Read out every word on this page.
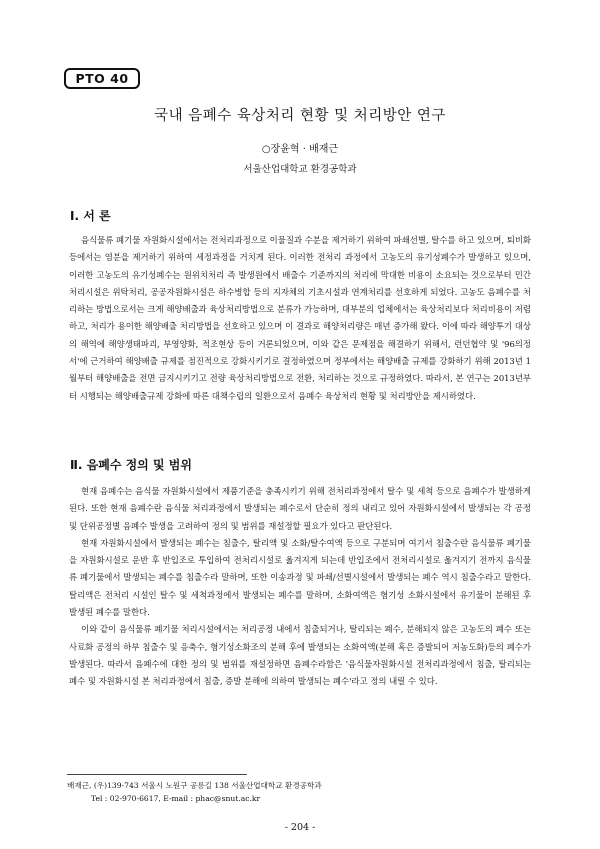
PTO 40
국내 음폐수 육상처리 현황 및 처리방안 연구
○장윤혁 · 배재근
서울산업대학교 환경공학과
Ⅰ. 서 론

음식물류 폐기물 자원화시설에서는 전처리과정으로 이물질과 수분을 제거하기 위하여 파쇄선별, 탈수를 하고 있으며, 퇴비화 등에서는 염분을 제거하기 위하여 세정과정을 거치게 된다. 이러한 전처리 과정에서 고농도의 유기성폐수가 발생하고 있으며, 이러한 고농도의 유기성폐수는 원위치처리 즉 발생원에서 배출수 기준까지의 처리에 막대한 비용이 소요되는 것으로부터 민간처리시설은 위탁처리, 공공자원화시설은 하수병합 등의 지자체의 기초시설과 연계처리를 선호하게 되었다. 고농도 음폐수를 처리하는 방법으로서는 크게 해양배출과 육상처리방법으로 분류가 가능하며, 대부분의 업체에서는 육상처리보다 처리비용이 저렴하고, 처리가 용이한 해양배출 처리방법을 선호하고 있으며 이 결과로 해양처리량은 매년 증가해 왔다. 이에 따라 해양투기 대상의 해역에 해양생태파괴, 부영양화, 적조현상 등이 거론되었으며, 이와 같은 문제점을 해결하기 위해서, 런던협약 및 '96의정서'에 근거하여 해양배출 규제를 점진적으로 강화시키기로 결정하였으며 정부에서는 해양배출 규제를 강화하기 위해 2013년 1월부터 해양배출을 전면 금지시키기고 전량 육상처리방법으로 전환, 처리하는 것으로 규정하였다. 따라서, 본 연구는 2013년부터 시행되는 해양배출규제 강화에 따른 대책수립의 일환으로서 음폐수 육상처리 현황 및 처리방안을 제시하였다.

Ⅱ. 음폐수 정의 및 범위

현재 음폐수는 음식물 자원화시설에서 제품기준을 충족시키기 위해 전처리과정에서 탈수 및 세척 등으로 음폐수가 발생하게 된다. 또한 현재 음폐수란 음식물 처리과정에서 발생되는 폐수로서 단순히 정의 내리고 있어 자원화시설에서 발생되는 각 공정 및 단위공정별 음폐수 발생을 고려하여 정의 및 범위를 재설정할 필요가 있다고 판단된다.

현재 자원화시설에서 발생되는 폐수는 침출수, 탈리액 및 소화/탈수여액 등으로 구분되며 여기서 침출수란 음식물류 폐기물을 자원화시설로 운반 후 반입조로 투입하여 전처리시설로 옮겨지게 되는데 반입조에서 전처리시설로 옮겨지기 전까지 음식물류 폐기물에서 발생되는 폐수를 침출수라 말하며, 또한 이송과정 및 파쇄/선별시설에서 발생되는 폐수 역시 침출수라고 말한다. 탈리액은 전처리 시설인 탈수 및 세척과정에서 발생되는 폐수를 말하며, 소화여액은 혐기성 소화시설에서 유기물이 분해된 후 발생된 폐수를 말한다.

이와 같이 음식물류 폐기물 처리시설에서는 처리공정 내에서 침출되거나, 탈리되는 폐수, 분해되지 않은 고농도의 폐수 또는 사료화 공정의 하부 침출수 및 응축수, 혐기성소화조의 분해 후에 발생되는 소화여액(분해 혹은 증발되어 저농도화)등의 폐수가 발생된다. 따라서 음폐수에 대한 정의 및 범위를 재설정하면 음폐수라함은 '음식물자원화시설 전처리과정에서 침출, 탈리되는 폐수 및 자원화시설 본 처리과정에서 침출, 증발 분해에 의하여 발생되는 폐수'라고 정의 내릴 수 있다.

배재근, (우)139-743 서울시 노원구 공릉길 138 서울산업대학교 환경공학과
Tel : 02-970-6617, E-mail : phac@snut.ac.kr
- 204 -
